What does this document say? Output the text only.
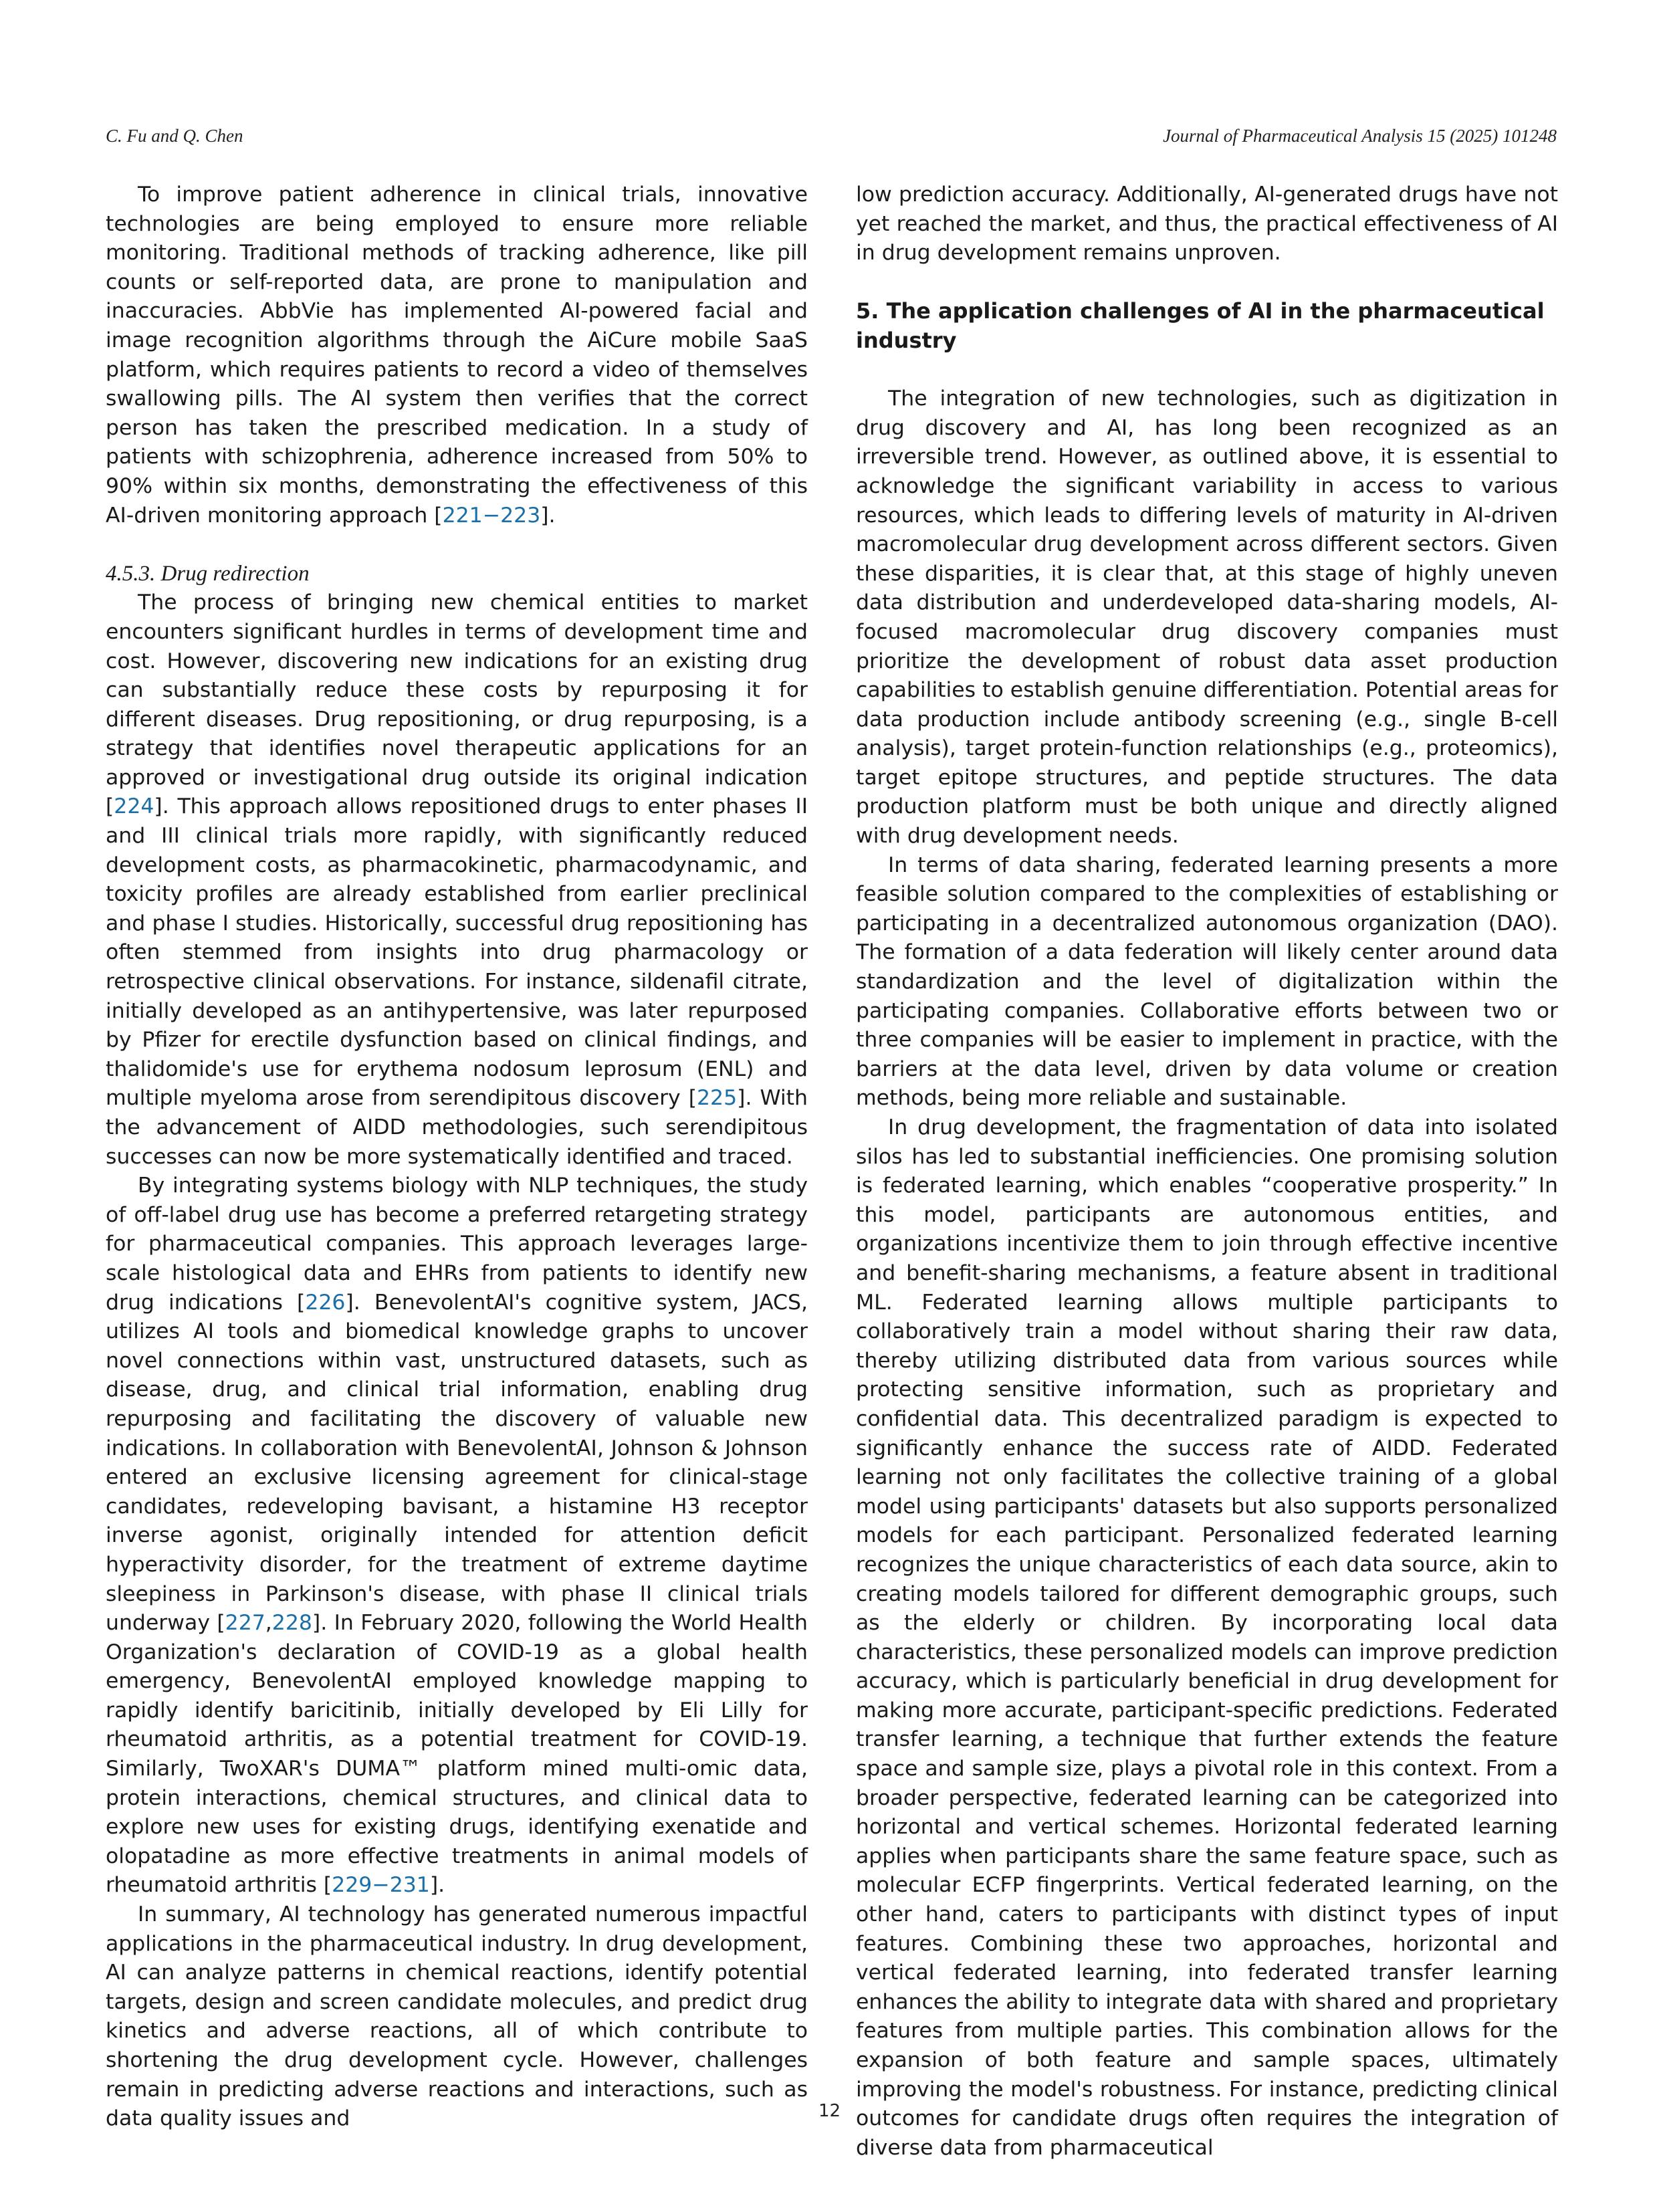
C. Fu and Q. Chen	Journal of Pharmaceutical Analysis 15 (2025) 101248

To improve patient adherence in clinical trials, innovative technologies are being employed to ensure more reliable monitoring. Traditional methods of tracking adherence, like pill counts or self-reported data, are prone to manipulation and inaccuracies. AbbVie has implemented AI-powered facial and image recognition algorithms through the AiCure mobile SaaS platform, which requires patients to record a video of themselves swallowing pills. The AI system then verifies that the correct person has taken the prescribed medication. In a study of patients with schizophrenia, adherence increased from 50% to 90% within six months, demonstrating the effectiveness of this AI-driven monitoring approach [221−223].

4.5.3. Drug redirection

The process of bringing new chemical entities to market encounters significant hurdles in terms of development time and cost. However, discovering new indications for an existing drug can substantially reduce these costs by repurposing it for different diseases. Drug repositioning, or drug repurposing, is a strategy that identifies novel therapeutic applications for an approved or investigational drug outside its original indication [224]. This approach allows repositioned drugs to enter phases II and III clinical trials more rapidly, with significantly reduced development costs, as pharmacokinetic, pharmacodynamic, and toxicity profiles are already established from earlier preclinical and phase I studies. Historically, successful drug repositioning has often stemmed from insights into drug pharmacology or retrospective clinical observations. For instance, sildenafil citrate, initially developed as an antihypertensive, was later repurposed by Pfizer for erectile dysfunction based on clinical findings, and thalidomide's use for erythema nodosum leprosum (ENL) and multiple myeloma arose from serendipitous discovery [225]. With the advancement of AIDD methodologies, such serendipitous successes can now be more systematically identified and traced.

By integrating systems biology with NLP techniques, the study of off-label drug use has become a preferred retargeting strategy for pharmaceutical companies. This approach leverages large-scale histological data and EHRs from patients to identify new drug indications [226]. BenevolentAI's cognitive system, JACS, utilizes AI tools and biomedical knowledge graphs to uncover novel connections within vast, unstructured datasets, such as disease, drug, and clinical trial information, enabling drug repurposing and facilitating the discovery of valuable new indications. In collaboration with BenevolentAI, Johnson & Johnson entered an exclusive licensing agreement for clinical-stage candidates, redeveloping bavisant, a histamine H3 receptor inverse agonist, originally intended for attention deficit hyperactivity disorder, for the treatment of extreme daytime sleepiness in Parkinson's disease, with phase II clinical trials underway [227,228]. In February 2020, following the World Health Organization's declaration of COVID-19 as a global health emergency, BenevolentAI employed knowledge mapping to rapidly identify baricitinib, initially developed by Eli Lilly for rheumatoid arthritis, as a potential treatment for COVID-19. Similarly, TwoXAR's DUMA™ platform mined multi-omic data, protein interactions, chemical structures, and clinical data to explore new uses for existing drugs, identifying exenatide and olopatadine as more effective treatments in animal models of rheumatoid arthritis [229−231].

In summary, AI technology has generated numerous impactful applications in the pharmaceutical industry. In drug development, AI can analyze patterns in chemical reactions, identify potential targets, design and screen candidate molecules, and predict drug kinetics and adverse reactions, all of which contribute to shortening the drug development cycle. However, challenges remain in predicting adverse reactions and interactions, such as data quality issues and

low prediction accuracy. Additionally, AI-generated drugs have not yet reached the market, and thus, the practical effectiveness of AI in drug development remains unproven.

5. The application challenges of AI in the pharmaceutical industry

The integration of new technologies, such as digitization in drug discovery and AI, has long been recognized as an irreversible trend. However, as outlined above, it is essential to acknowledge the significant variability in access to various resources, which leads to differing levels of maturity in AI-driven macromolecular drug development across different sectors. Given these disparities, it is clear that, at this stage of highly uneven data distribution and underdeveloped data-sharing models, AI-focused macromolecular drug discovery companies must prioritize the development of robust data asset production capabilities to establish genuine differentiation. Potential areas for data production include antibody screening (e.g., single B-cell analysis), target protein-function relationships (e.g., proteomics), target epitope structures, and peptide structures. The data production platform must be both unique and directly aligned with drug development needs.

In terms of data sharing, federated learning presents a more feasible solution compared to the complexities of establishing or participating in a decentralized autonomous organization (DAO). The formation of a data federation will likely center around data standardization and the level of digitalization within the participating companies. Collaborative efforts between two or three companies will be easier to implement in practice, with the barriers at the data level, driven by data volume or creation methods, being more reliable and sustainable.

In drug development, the fragmentation of data into isolated silos has led to substantial inefficiencies. One promising solution is federated learning, which enables “cooperative prosperity.” In this model, participants are autonomous entities, and organizations incentivize them to join through effective incentive and benefit-sharing mechanisms, a feature absent in traditional ML. Federated learning allows multiple participants to collaboratively train a model without sharing their raw data, thereby utilizing distributed data from various sources while protecting sensitive information, such as proprietary and confidential data. This decentralized paradigm is expected to significantly enhance the success rate of AIDD. Federated learning not only facilitates the collective training of a global model using participants' datasets but also supports personalized models for each participant. Personalized federated learning recognizes the unique characteristics of each data source, akin to creating models tailored for different demographic groups, such as the elderly or children. By incorporating local data characteristics, these personalized models can improve prediction accuracy, which is particularly beneficial in drug development for making more accurate, participant-specific predictions. Federated transfer learning, a technique that further extends the feature space and sample size, plays a pivotal role in this context. From a broader perspective, federated learning can be categorized into horizontal and vertical schemes. Horizontal federated learning applies when participants share the same feature space, such as molecular ECFP fingerprints. Vertical federated learning, on the other hand, caters to participants with distinct types of input features. Combining these two approaches, horizontal and vertical federated learning, into federated transfer learning enhances the ability to integrate data with shared and proprietary features from multiple parties. This combination allows for the expansion of both feature and sample spaces, ultimately improving the model's robustness. For instance, predicting clinical outcomes for candidate drugs often requires the integration of diverse data from pharmaceutical

12
